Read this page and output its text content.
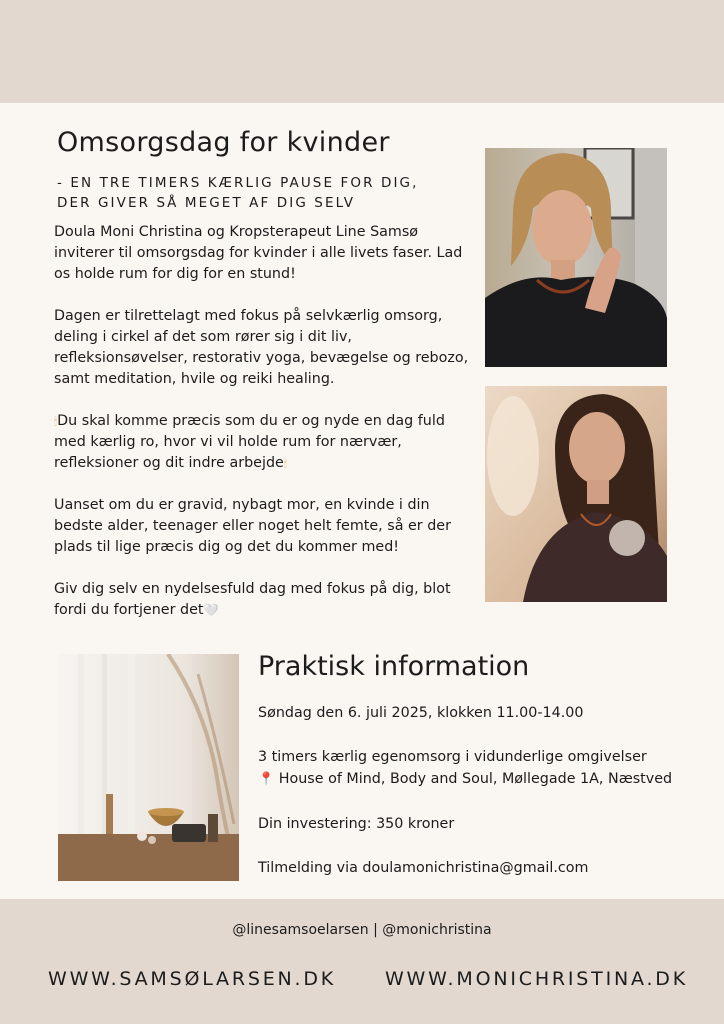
Omsorgsdag for kvinder
- EN TRE TIMERS KÆRLIG PAUSE FOR DIG,
DER GIVER SÅ MEGET AF DIG SELV

Doula Moni Christina og Kropsterapeut Line Samsø inviterer til omsorgsdag for kvinder i alle livets faser. Lad os holde rum for dig for en stund!

Dagen er tilrettelagt med fokus på selvkærlig omsorg, deling i cirkel af det som rører sig i dit liv, refleksionsøvelser, restorativ yoga, bevægelse og rebozo, samt meditation, hvile og reiki healing.

🕯Du skal komme præcis som du er og nyde en dag fuld med kærlig ro, hvor vi vil holde rum for nærvær, refleksioner og dit indre arbejde🕯

Uanset om du er gravid, nybagt mor, en kvinde i din bedste alder, teenager eller noget helt femte, så er der plads til lige præcis dig og det du kommer med!

Giv dig selv en nydelsesfuld dag med fokus på dig, blot fordi du fortjener det🤍

Praktisk information
Søndag den 6. juli 2025, klokken 11.00-14.00
3 timers kærlig egenomsorg i vidunderlige omgivelser
📍 House of Mind, Body and Soul, Møllegade 1A, Næstved
Din investering: 350 kroner
Tilmelding via doulamonichristina@gmail.com
@linesamsoelarsen | @monichristina
WWW.SAMSØLARSEN.DK	WWW.MONICHRISTINA.DK
